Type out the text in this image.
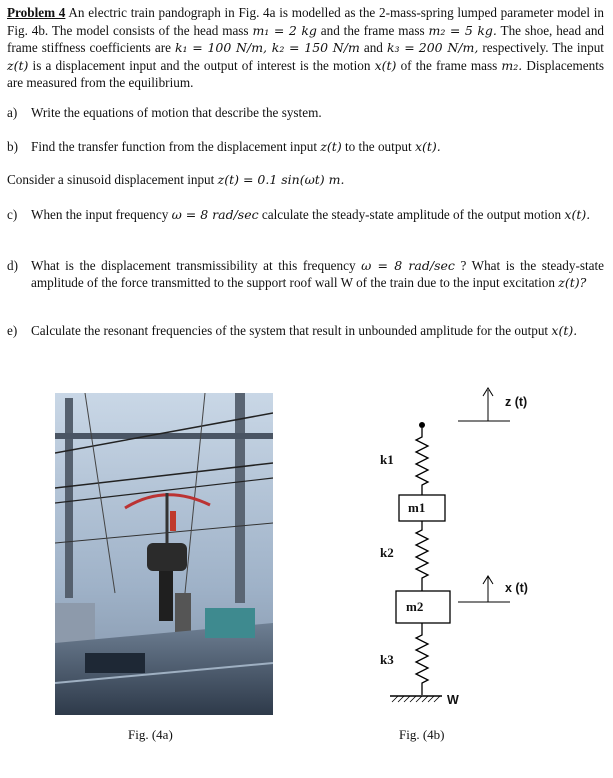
Problem 4 An electric train pandograph in Fig. 4a is modelled as the 2-mass-spring lumped parameter model in Fig. 4b. The model consists of the head mass m₁ = 2 kg and the frame mass m₂ = 5 kg. The shoe, head and frame stiffness coefficients are k₁ = 100 N/m, k₂ = 150 N/m and k₃ = 200 N/m, respectively. The input z(t) is a displacement input and the output of interest is the motion x(t) of the frame mass m₂. Displacements are measured from the equilibrium.
a) Write the equations of motion that describe the system.
b) Find the transfer function from the displacement input z(t) to the output x(t).
Consider a sinusoid displacement input z(t) = 0.1 sin(ωt) m.
c) When the input frequency ω = 8 rad/sec calculate the steady-state amplitude of the output motion x(t).
d) What is the displacement transmissibility at this frequency ω = 8 rad/sec ? What is the steady-state amplitude of the force transmitted to the support roof wall W of the train due to the input excitation z(t)?
e) Calculate the resonant frequencies of the system that result in unbounded amplitude for the output x(t).
Fig. (4a)
z (t)
k1
m1
k2
x (t)
m2
k3
W
Fig. (4b)
